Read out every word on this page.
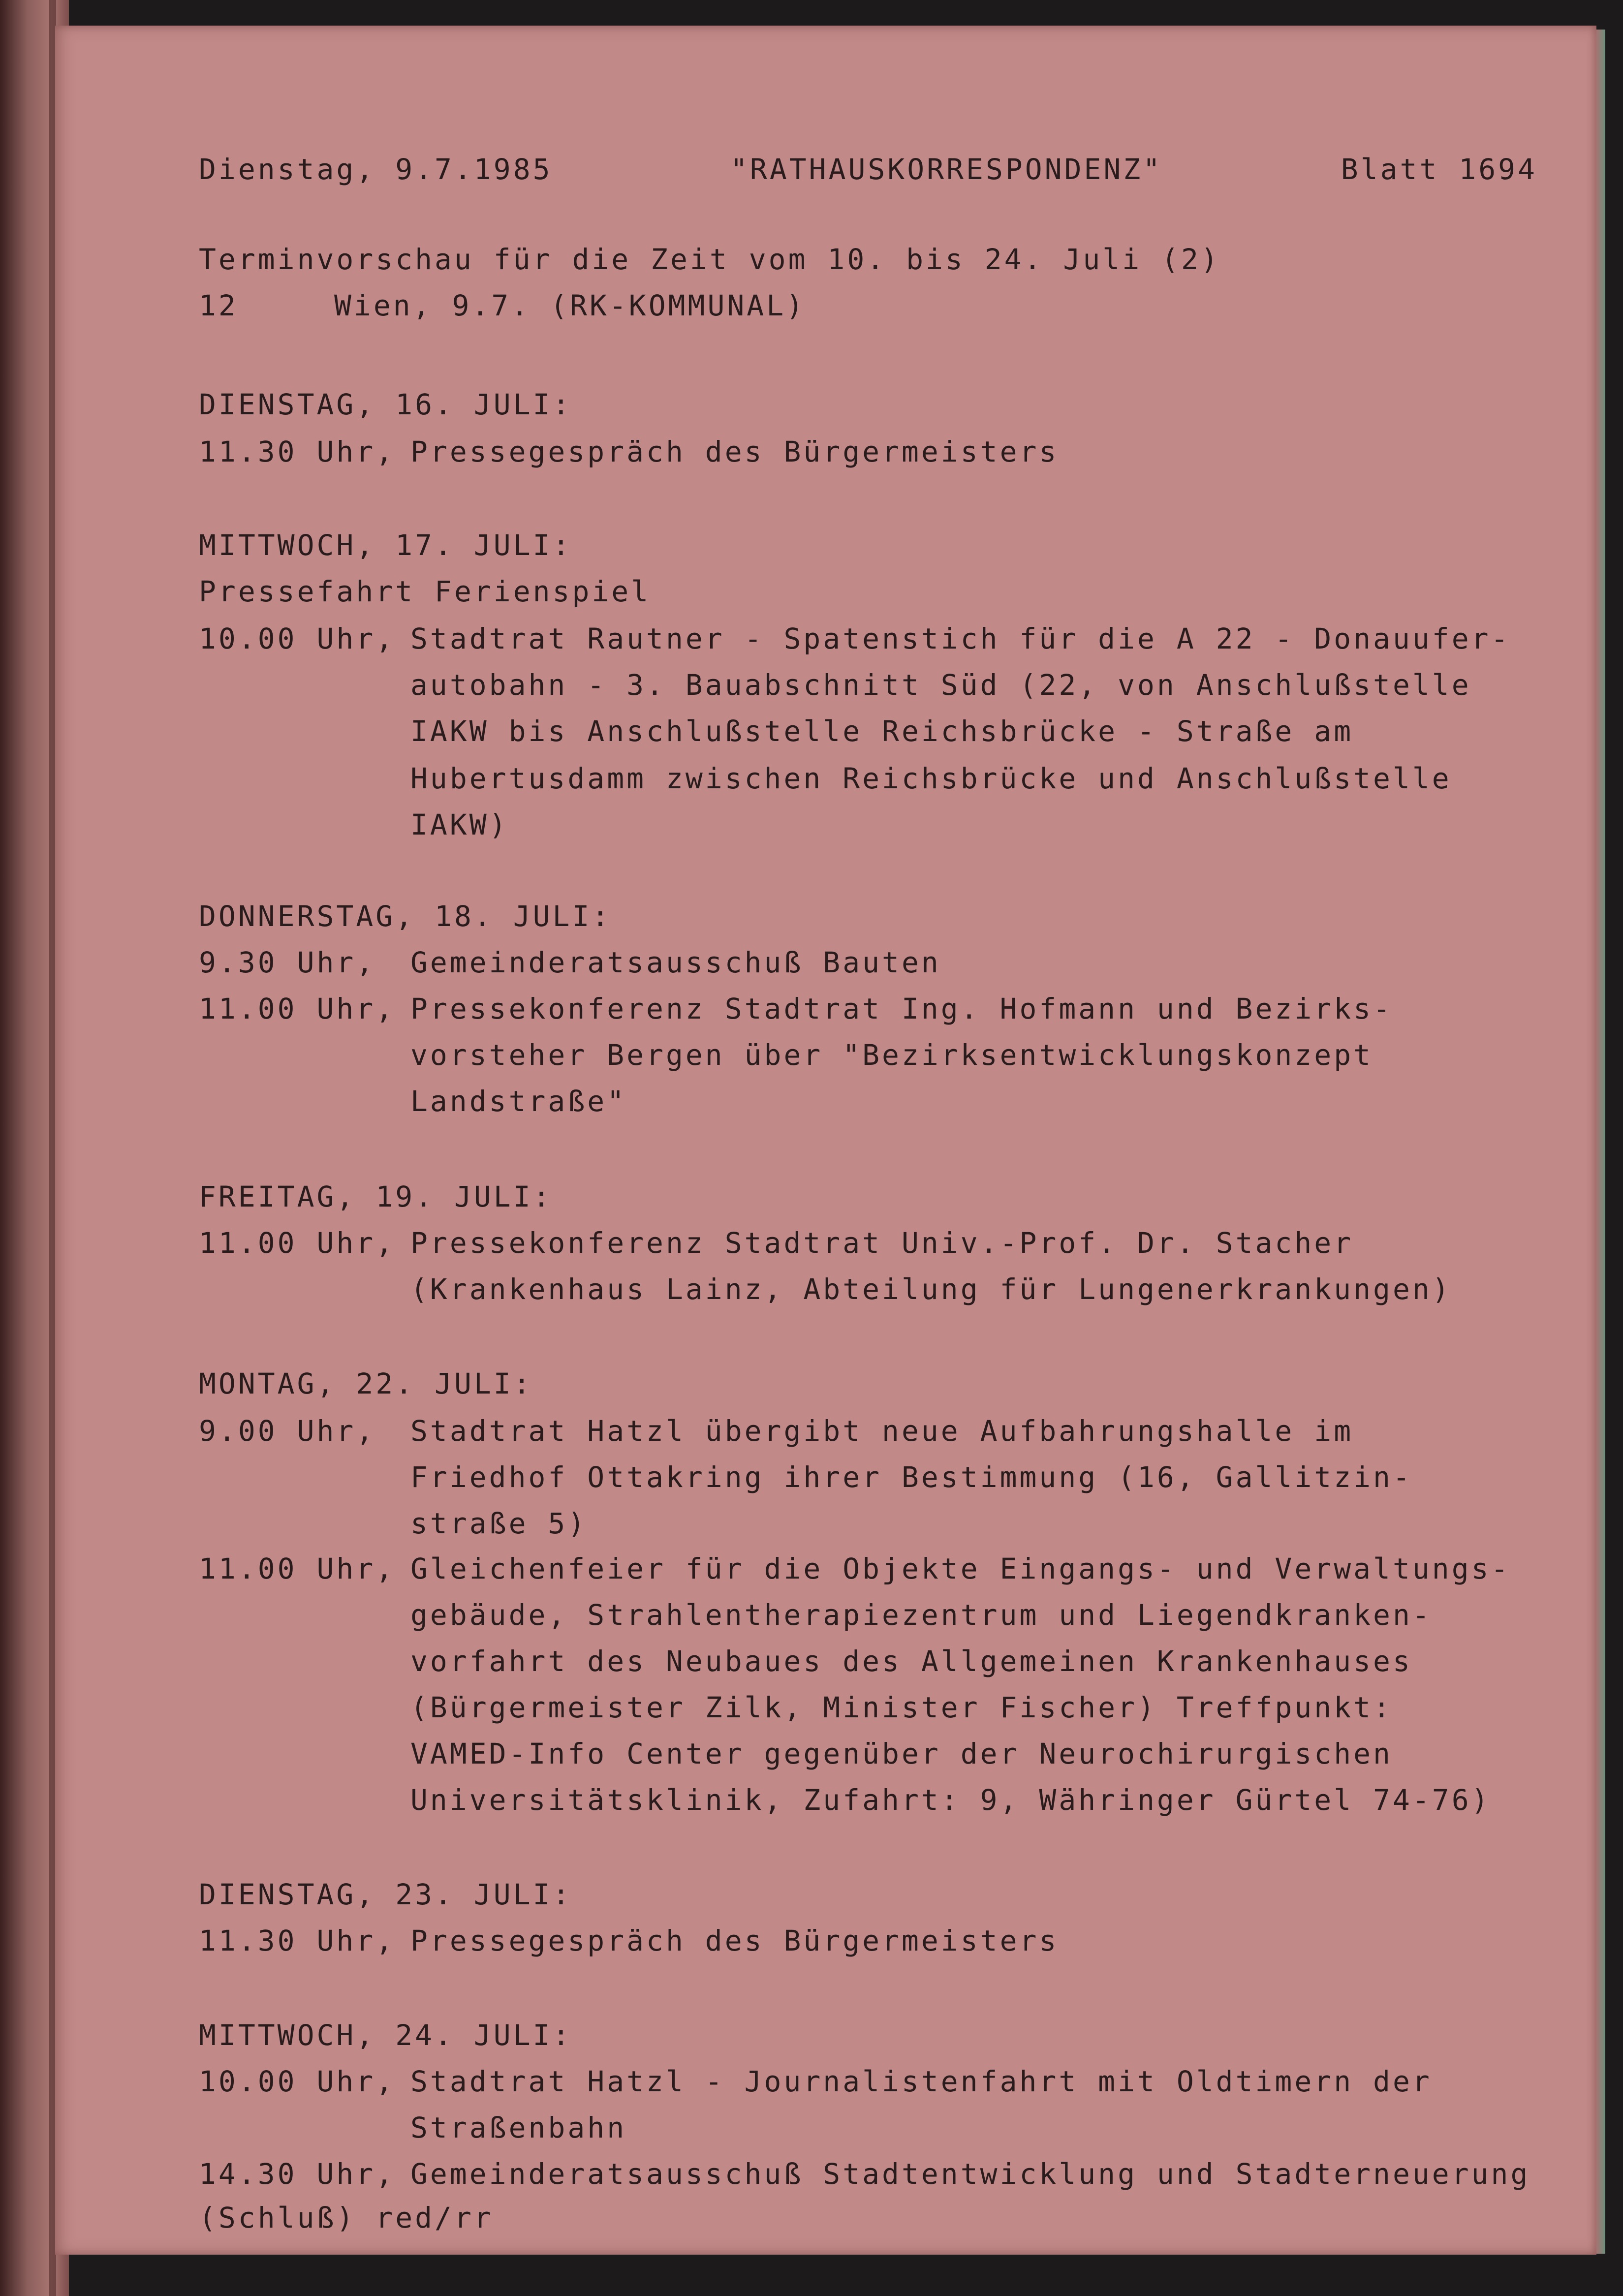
Dienstag, 9.7.1985

	"RATHAUSKORRESPONDENZ"

	Blatt 1694

Terminvorschau für die Zeit vom 10. bis 24. Juli (2)
12	Wien, 9.7. (RK-KOMMUNAL)
DIENSTAG, 16. JULI:
11.30 Uhr, Pressegespräch des Bürgermeisters
MITTWOCH, 17. JULI:
Pressefahrt Ferienspiel
10.00 Uhr, Stadtrat Rautner - Spatenstich für die A 22 - Donauufer-
autobahn - 3. Bauabschnitt Süd (22, von Anschlußstelle
IAKW bis Anschlußstelle Reichsbrücke - Straße am
Hubertusdamm zwischen Reichsbrücke und Anschlußstelle
IAKW)
DONNERSTAG, 18. JULI:
9.30 Uhr, Gemeinderatsausschuß Bauten
11.00 Uhr, Pressekonferenz Stadtrat Ing. Hofmann und Bezirks-
vorsteher Bergen über "Bezirksentwicklungskonzept
Landstraße"
FREITAG, 19. JULI:
11.00 Uhr, Pressekonferenz Stadtrat Univ.-Prof. Dr. Stacher
(Krankenhaus Lainz, Abteilung für Lungenerkrankungen)
MONTAG, 22. JULI:
9.00 Uhr, Stadtrat Hatzl übergibt neue Aufbahrungshalle im
Friedhof Ottakring ihrer Bestimmung (16, Gallitzin-
straße 5)
11.00 Uhr, Gleichenfeier für die Objekte Eingangs- und Verwaltungs-
gebäude, Strahlentherapiezentrum und Liegendkranken-
vorfahrt des Neubaues des Allgemeinen Krankenhauses
(Bürgermeister Zilk, Minister Fischer) Treffpunkt:
VAMED-Info Center gegenüber der Neurochirurgischen
Universitätsklinik, Zufahrt: 9, Währinger Gürtel 74-76)
DIENSTAG, 23. JULI:
11.30 Uhr, Pressegespräch des Bürgermeisters
MITTWOCH, 24. JULI:
10.00 Uhr, Stadtrat Hatzl - Journalistenfahrt mit Oldtimern der
Straßenbahn
14.30 Uhr, Gemeinderatsausschuß Stadtentwicklung und Stadterneuerung
(Schluß) red/rr
